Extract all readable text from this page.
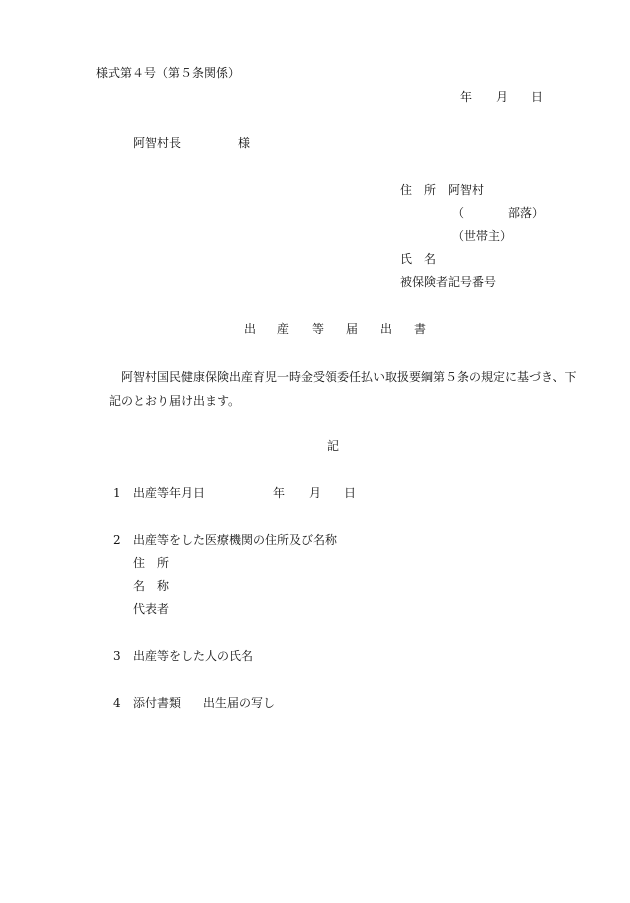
様式第４号（第５条関係）
年 月 日
阿智村長	様
住　所 阿智村
（	部落）
（世帯主）
氏　名
被保険者記号番号
出 産 等 届 出 書
阿智村国民健康保険出産育児一時金受領委任払い取扱要綱第５条の規定に基づき、下
記のとおり届け出ます。
記
1 出産等年月日	年 月 日
2 出産等をした医療機関の住所及び名称
住　所
名　称
代表者
3 出産等をした人の氏名
4 添付書類 出生届の写し
